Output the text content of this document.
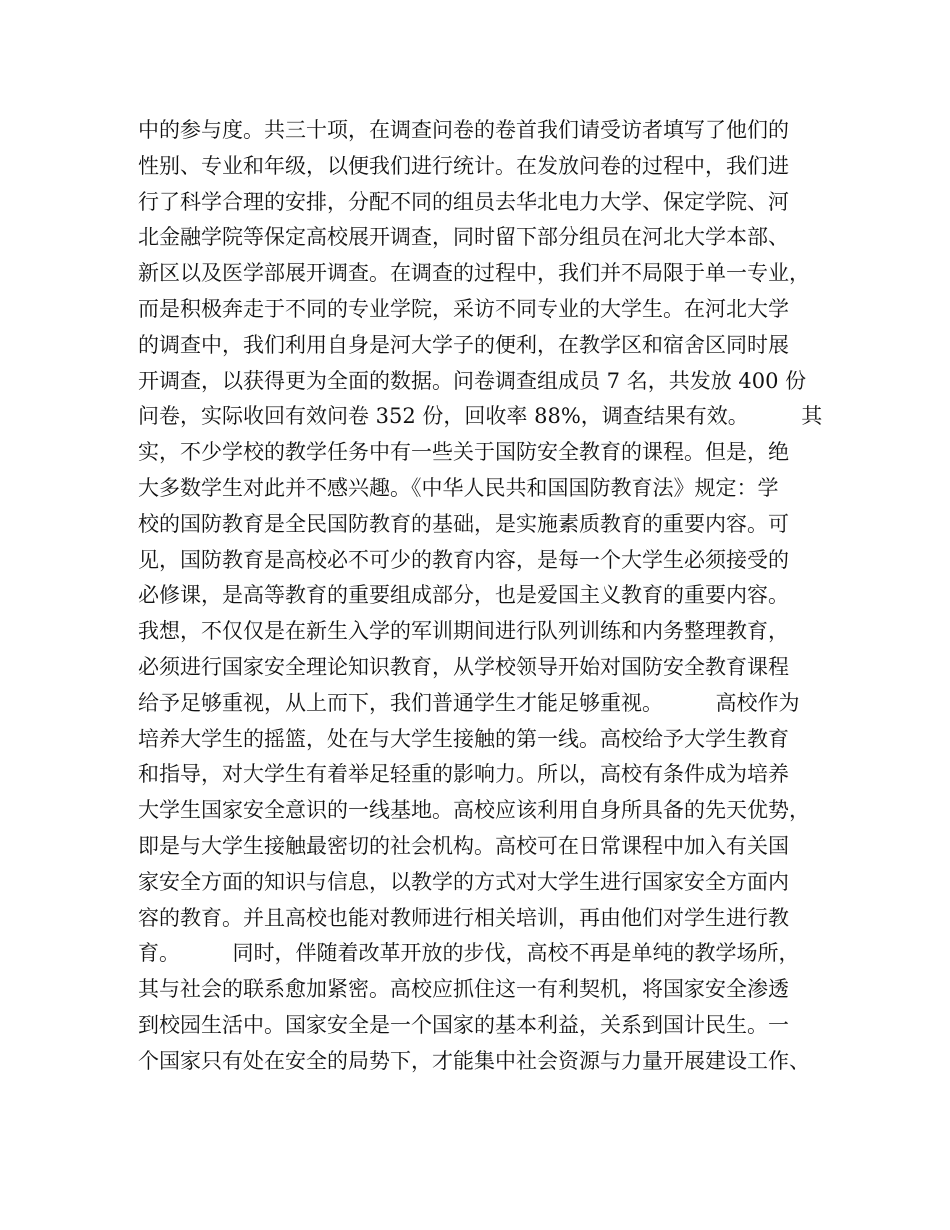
中的参与度。共三十项，在调查问卷的卷首我们请受访者填写了他们的
性别、专业和年级，以便我们进行统计。在发放问卷的过程中，我们进
行了科学合理的安排，分配不同的组员去华北电力大学、保定学院、河
北金融学院等保定高校展开调查，同时留下部分组员在河北大学本部、
新区以及医学部展开调查。在调查的过程中，我们并不局限于单一专业，
而是积极奔走于不同的专业学院，采访不同专业的大学生。在河北大学
的调查中，我们利用自身是河大学子的便利，在教学区和宿舍区同时展
开调查，以获得更为全面的数据。问卷调查组成员 7 名，共发放 400 份
问卷，实际收回有效问卷 352 份，回收率 88%，调查结果有效。　　　其
实，不少学校的教学任务中有一些关于国防安全教育的课程。但是，绝
大多数学生对此并不感兴趣。《中华人民共和国国防教育法》规定：学
校的国防教育是全民国防教育的基础，是实施素质教育的重要内容。可
见，国防教育是高校必不可少的教育内容，是每一个大学生必须接受的
必修课，是高等教育的重要组成部分，也是爱国主义教育的重要内容。
我想，不仅仅是在新生入学的军训期间进行队列训练和内务整理教育，
必须进行国家安全理论知识教育，从学校领导开始对国防安全教育课程
给予足够重视，从上而下，我们普通学生才能足够重视。　　　高校作为
培养大学生的摇篮，处在与大学生接触的第一线。高校给予大学生教育
和指导，对大学生有着举足轻重的影响力。所以，高校有条件成为培养
大学生国家安全意识的一线基地。高校应该利用自身所具备的先天优势，
即是与大学生接触最密切的社会机构。高校可在日常课程中加入有关国
家安全方面的知识与信息，以教学的方式对大学生进行国家安全方面内
容的教育。并且高校也能对教师进行相关培训，再由他们对学生进行教
育。　　　同时，伴随着改革开放的步伐，高校不再是单纯的教学场所，
其与社会的联系愈加紧密。高校应抓住这一有利契机，将国家安全渗透
到校园生活中。国家安全是一个国家的基本利益，关系到国计民生。一
个国家只有处在安全的局势下，才能集中社会资源与力量开展建设工作、
